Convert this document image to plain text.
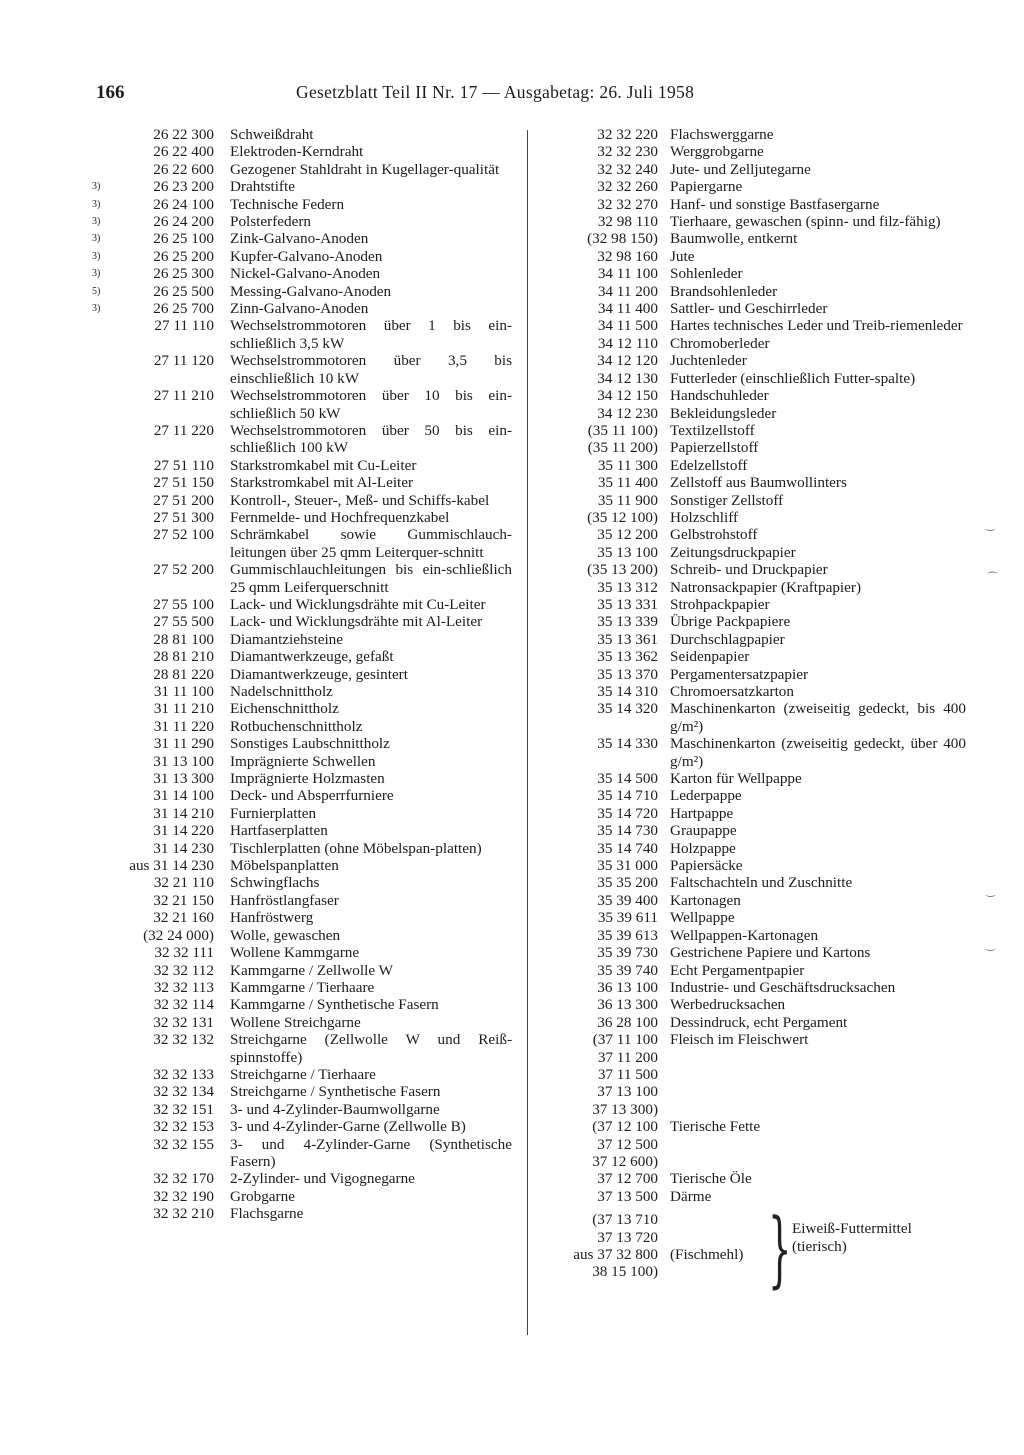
166	Gesetzblatt Teil II Nr. 17 — Ausgabetag: 26. Juli 1958
26 22 300	Schweißdraht
26 22 400	Elektroden-Kerndraht
26 22 600	Gezogener Stahldraht in Kugellager-qualität
3)	26 23 200	Drahtstifte
3)	26 24 100	Technische Federn
3)	26 24 200	Polsterfedern
3)	26 25 100	Zink-Galvano-Anoden
3)	26 25 200	Kupfer-Galvano-Anoden
3)	26 25 300	Nickel-Galvano-Anoden
5)	26 25 500	Messing-Galvano-Anoden
3)	26 25 700	Zinn-Galvano-Anoden
27 11 110	Wechselstrommotoren über 1 bis ein-schließlich 3,5 kW
27 11 120	Wechselstrommotoren über 3,5 bis einschließlich 10 kW
27 11 210	Wechselstrommotoren über 10 bis ein-schließlich 50 kW
27 11 220	Wechselstrommotoren über 50 bis ein-schließlich 100 kW
27 51 110	Starkstromkabel mit Cu-Leiter
27 51 150	Starkstromkabel mit Al-Leiter
27 51 200	Kontroll-, Steuer-, Meß- und Schiffs-kabel
27 51 300	Fernmelde- und Hochfrequenzkabel
27 52 100	Schrämkabel sowie Gummischlauch-leitungen über 25 qmm Leiterquer-schnitt
27 52 200	Gummischlauchleitungen bis ein-schließlich 25 qmm Leiferquerschnitt
27 55 100	Lack- und Wicklungsdrähte mit Cu-Leiter
27 55 500	Lack- und Wicklungsdrähte mit Al-Leiter
28 81 100	Diamantziehsteine
28 81 210	Diamantwerkzeuge, gefaßt
28 81 220	Diamantwerkzeuge, gesintert
31 11 100	Nadelschnittholz
31 11 210	Eichenschnittholz
31 11 220	Rotbuchenschnittholz
31 11 290	Sonstiges Laubschnittholz
31 13 100	Imprägnierte Schwellen
31 13 300	Imprägnierte Holzmasten
31 14 100	Deck- und Absperrfurniere
31 14 210	Furnierplatten
31 14 220	Hartfaserplatten
31 14 230	Tischlerplatten (ohne Möbelspan-platten)
aus 31 14 230	Möbelspanplatten
32 21 110	Schwingflachs
32 21 150	Hanfröstlangfaser
32 21 160	Hanfröstwerg
(32 24 000)	Wolle, gewaschen
32 32 111	Wollene Kammgarne
32 32 112	Kammgarne / Zellwolle W
32 32 113	Kammgarne / Tierhaare
32 32 114	Kammgarne / Synthetische Fasern
32 32 131	Wollene Streichgarne
32 32 132	Streichgarne (Zellwolle W und Reiß-spinnstoffe)
32 32 133	Streichgarne / Tierhaare
32 32 134	Streichgarne / Synthetische Fasern
32 32 151	3- und 4-Zylinder-Baumwollgarne
32 32 153	3- und 4-Zylinder-Garne (Zellwolle B)
32 32 155	3- und 4-Zylinder-Garne (Synthetische Fasern)
32 32 170	2-Zylinder- und Vigognegarne
32 32 190	Grobgarne
32 32 210	Flachsgarne
32 32 220 Flachswerggarne
32 32 230 Werggrobgarne
32 32 240 Jute- und Zelljutegarne
32 32 260 Papiergarne
32 32 270 Hanf- und sonstige Bastfasergarne
32 98 110 Tierhaare, gewaschen (spinn- und filz-fähig)
(32 98 150) Baumwolle, entkernt
32 98 160 Jute
34 11 100 Sohlenleder
34 11 200 Brandsohlenleder
34 11 400 Sattler- und Geschirrleder
34 11 500 Hartes technisches Leder und Treib-riemenleder
34 12 110 Chromoberleder
34 12 120 Juchtenleder
34 12 130 Futterleder (einschließlich Futter-spalte)
34 12 150 Handschuhleder
34 12 230 Bekleidungsleder
(35 11 100) Textilzellstoff
(35 11 200) Papierzellstoff
35 11 300 Edelzellstoff
35 11 400 Zellstoff aus Baumwollinters
35 11 900 Sonstiger Zellstoff
(35 12 100) Holzschliff
35 12 200 Gelbstrohstoff
35 13 100 Zeitungsdruckpapier
(35 13 200) Schreib- und Druckpapier
35 13 312 Natronsackpapier (Kraftpapier)
35 13 331 Strohpackpapier
35 13 339 Übrige Packpapiere
35 13 361 Durchschlagpapier
35 13 362 Seidenpapier
35 13 370 Pergamentersatzpapier
35 14 310 Chromoersatzkarton
35 14 320 Maschinenkarton (zweiseitig gedeckt, bis 400 g/m²)
35 14 330 Maschinenkarton (zweiseitig gedeckt, über 400 g/m²)
35 14 500 Karton für Wellpappe
35 14 710 Lederpappe
35 14 720 Hartpappe
35 14 730 Graupappe
35 14 740 Holzpappe
35 31 000 Papiersäcke
35 35 200 Faltschachteln und Zuschnitte
35 39 400 Kartonagen
35 39 611 Wellpappe
35 39 613 Wellpappen-Kartonagen
35 39 730 Gestrichene Papiere und Kartons
35 39 740 Echt Pergamentpapier
36 13 100 Industrie- und Geschäftsdrucksachen
36 13 300 Werbedrucksachen
36 28 100 Dessindruck, echt Pergament
(37 11 100 Fleisch im Fleischwert
37 11 200
37 11 500
37 13 100
37 13 300)
(37 12 100 Tierische Fette
37 12 500
37 12 600)
37 12 700 Tierische Öle
37 13 500 Därme
(37 13 710
37 13 720
aus 37 32 800 (Fischmehl)
38 15 100) } Eiweiß-Futtermittel
(tierisch)
‿
⁀
‿
‿
